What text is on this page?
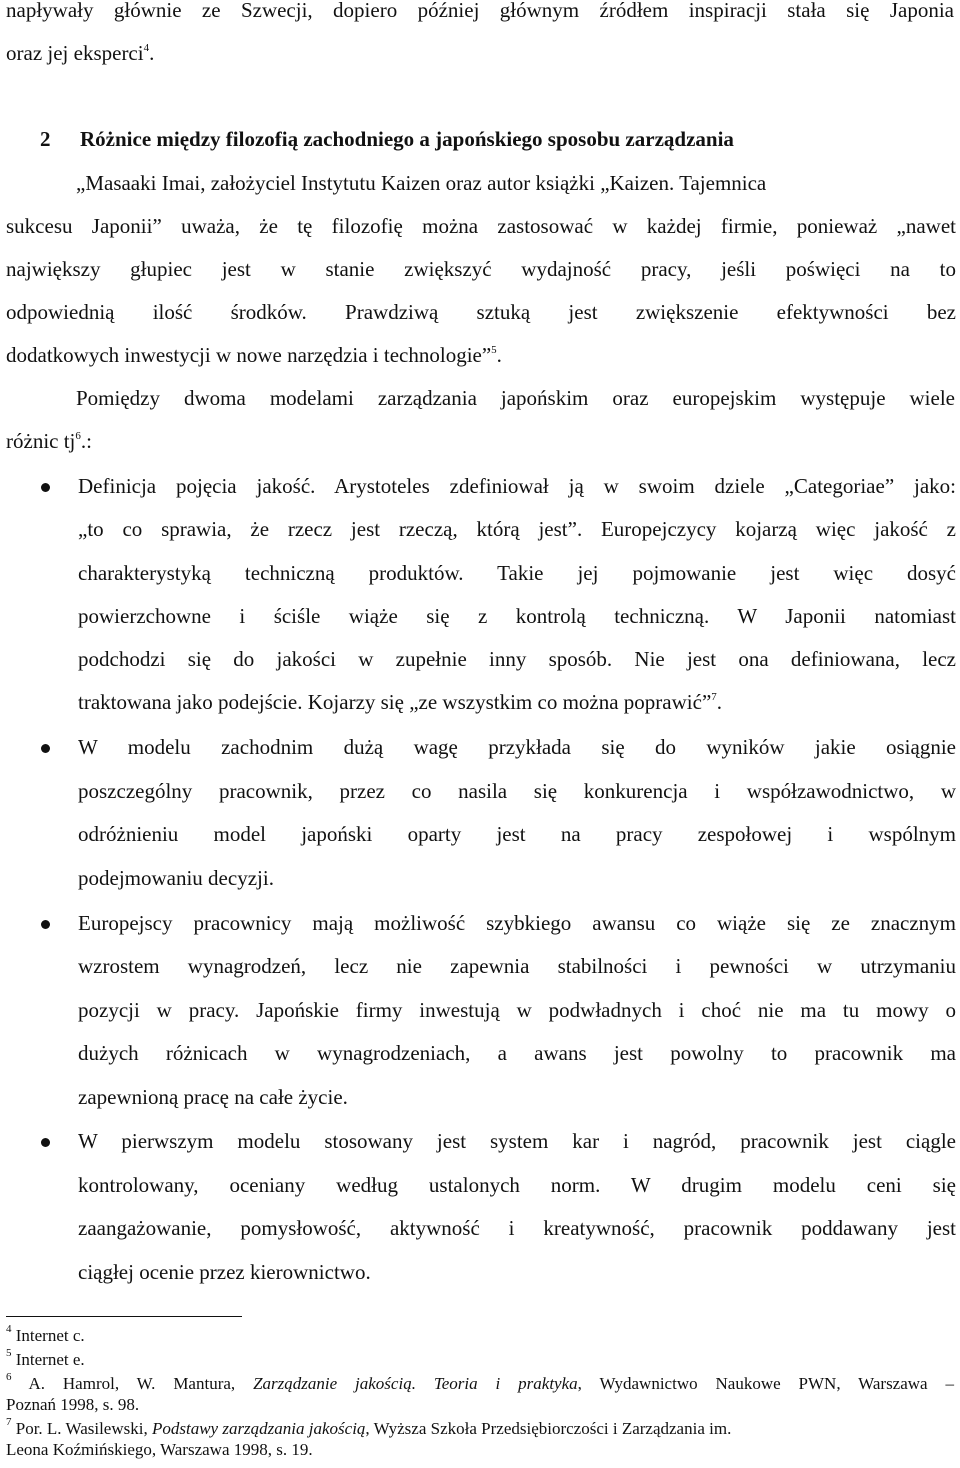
napływały głównie ze Szwecji, dopiero później głównym źródłem inspiracji stała się Japonia
oraz jej eksperci$^4$.
2 Różnice między filozofią zachodniego a japońskiego sposobu zarządzania
„Masaaki Imai, założyciel Instytutu Kaizen oraz autor książki „Kaizen. Tajemnica
sukcesu Japonii” uważa, że tę filozofię można zastosować w każdej firmie, ponieważ „nawet
największy głupiec jest w stanie zwiększyć wydajność pracy, jeśli poświęci na to
odpowiednią ilość środków. Prawdziwą sztuką jest zwiększenie efektywności bez
dodatkowych inwestycji w nowe narzędzia i technologie”$^5$.
Pomiędzy dwoma modelami zarządzania japońskim oraz europejskim występuje wiele
różnic $tj^6$.:
Definicja pojęcia jakość. Arystoteles zdefiniował ją w swoim dziele „Categoriae” jako:
„to co sprawia, że rzecz jest rzeczą, którą jest”. Europejczycy kojarzą więc jakość z
charakterystyką techniczną produktów. Takie jej pojmowanie jest więc dosyć
powierzchowne i ściśle wiąże się z kontrolą techniczną. W Japonii natomiast
podchodzi się do jakości w zupełnie inny sposób. Nie jest ona definiowana, lecz
traktowana jako podejście. Kojarzy się „ze wszystkim co można poprawić”$^7$.
W modelu zachodnim dużą wagę przykłada się do wyników jakie osiągnie
poszczególny pracownik, przez co nasila się konkurencja i współzawodnictwo, w
odróżnieniu model japoński oparty jest na pracy zespołowej i wspólnym
podejmowaniu decyzji.
Europejscy pracownicy mają możliwość szybkiego awansu co wiąże się ze znacznym
wzrostem wynagrodzeń, lecz nie zapewnia stabilności i pewności w utrzymaniu
pozycji w pracy. Japońskie firmy inwestują w podwładnych i choć nie ma tu mowy o
dużych różnicach w wynagrodzeniach, a awans jest powolny to pracownik ma
zapewnioną pracę na całe życie.
W pierwszym modelu stosowany jest system kar i nagród, pracownik jest ciągle
kontrolowany, oceniany według ustalonych norm. W drugim modelu ceni się
zaangażowanie, pomysłowość, aktywność i kreatywność, pracownik poddawany jest
ciągłej ocenie przez kierownictwo.
$^4$ Internet c.
$^5$ Internet e.
$^6$ A. Hamrol, W. Mantura, Zarządzanie jakością. Teoria i praktyka, Wydawnictwo Naukowe PWN, Warszawa –
Poznań 1998, s. 98.
$^7$ Por. L. Wasilewski, Podstawy zarządzania jakością, Wyższa Szkoła Przedsiębiorczości i Zarządzania im.
Leona Koźmińskiego, Warszawa 1998, s. 19.
